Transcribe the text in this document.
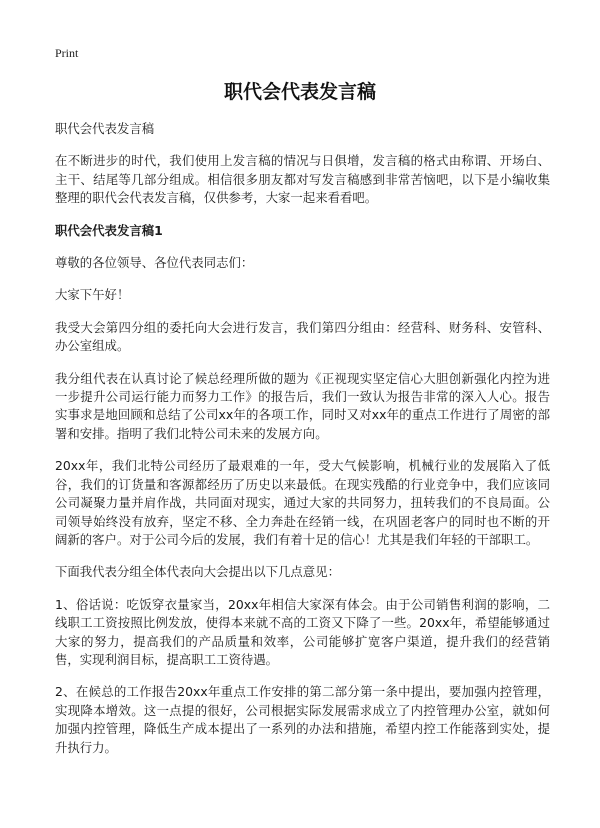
Print
职代会代表发言稿

职代会代表发言稿

在不断进步的时代，我们使用上发言稿的情况与日俱增，发言稿的格式由称谓、开场白、主干、结尾等几部分组成。相信很多朋友都对写发言稿感到非常苦恼吧，以下是小编收集整理的职代会代表发言稿，仅供参考，大家一起来看看吧。

职代会代表发言稿1

尊敬的各位领导、各位代表同志们：

大家下午好！

我受大会第四分组的委托向大会进行发言，我们第四分组由：经营科、财务科、安管科、办公室组成。

我分组代表在认真讨论了候总经理所做的题为《正视现实坚定信心大胆创新强化内控为进一步提升公司运行能力而努力工作》的报告后，我们一致认为报告非常的深入人心。报告实事求是地回顾和总结了公司xx年的各项工作，同时又对xx年的重点工作进行了周密的部署和安排。指明了我们北特公司未来的发展方向。

20xx年，我们北特公司经历了最艰难的一年，受大气候影响，机械行业的发展陷入了低谷，我们的订货量和客源都经历了历史以来最低。在现实残酷的行业竞争中，我们应该同公司凝聚力量并肩作战，共同面对现实，通过大家的共同努力，扭转我们的不良局面。公司领导始终没有放弃，坚定不移、全力奔赴在经销一线，在巩固老客户的同时也不断的开阔新的客户。对于公司今后的发展，我们有着十足的信心！尤其是我们年轻的干部职工。

下面我代表分组全体代表向大会提出以下几点意见：

1、俗话说：吃饭穿衣量家当，20xx年相信大家深有体会。由于公司销售利润的影响，二线职工工资按照比例发放，使得本来就不高的工资又下降了一些。20xx年，希望能够通过大家的努力，提高我们的产品质量和效率，公司能够扩宽客户渠道，提升我们的经营销售，实现利润目标，提高职工工资待遇。

2、在候总的工作报告20xx年重点工作安排的第二部分第一条中提出，要加强内控管理，实现降本增效。这一点提的很好，公司根据实际发展需求成立了内控管理办公室，就如何加强内控管理，降低生产成本提出了一系列的办法和措施，希望内控工作能落到实处，提升执行力。
